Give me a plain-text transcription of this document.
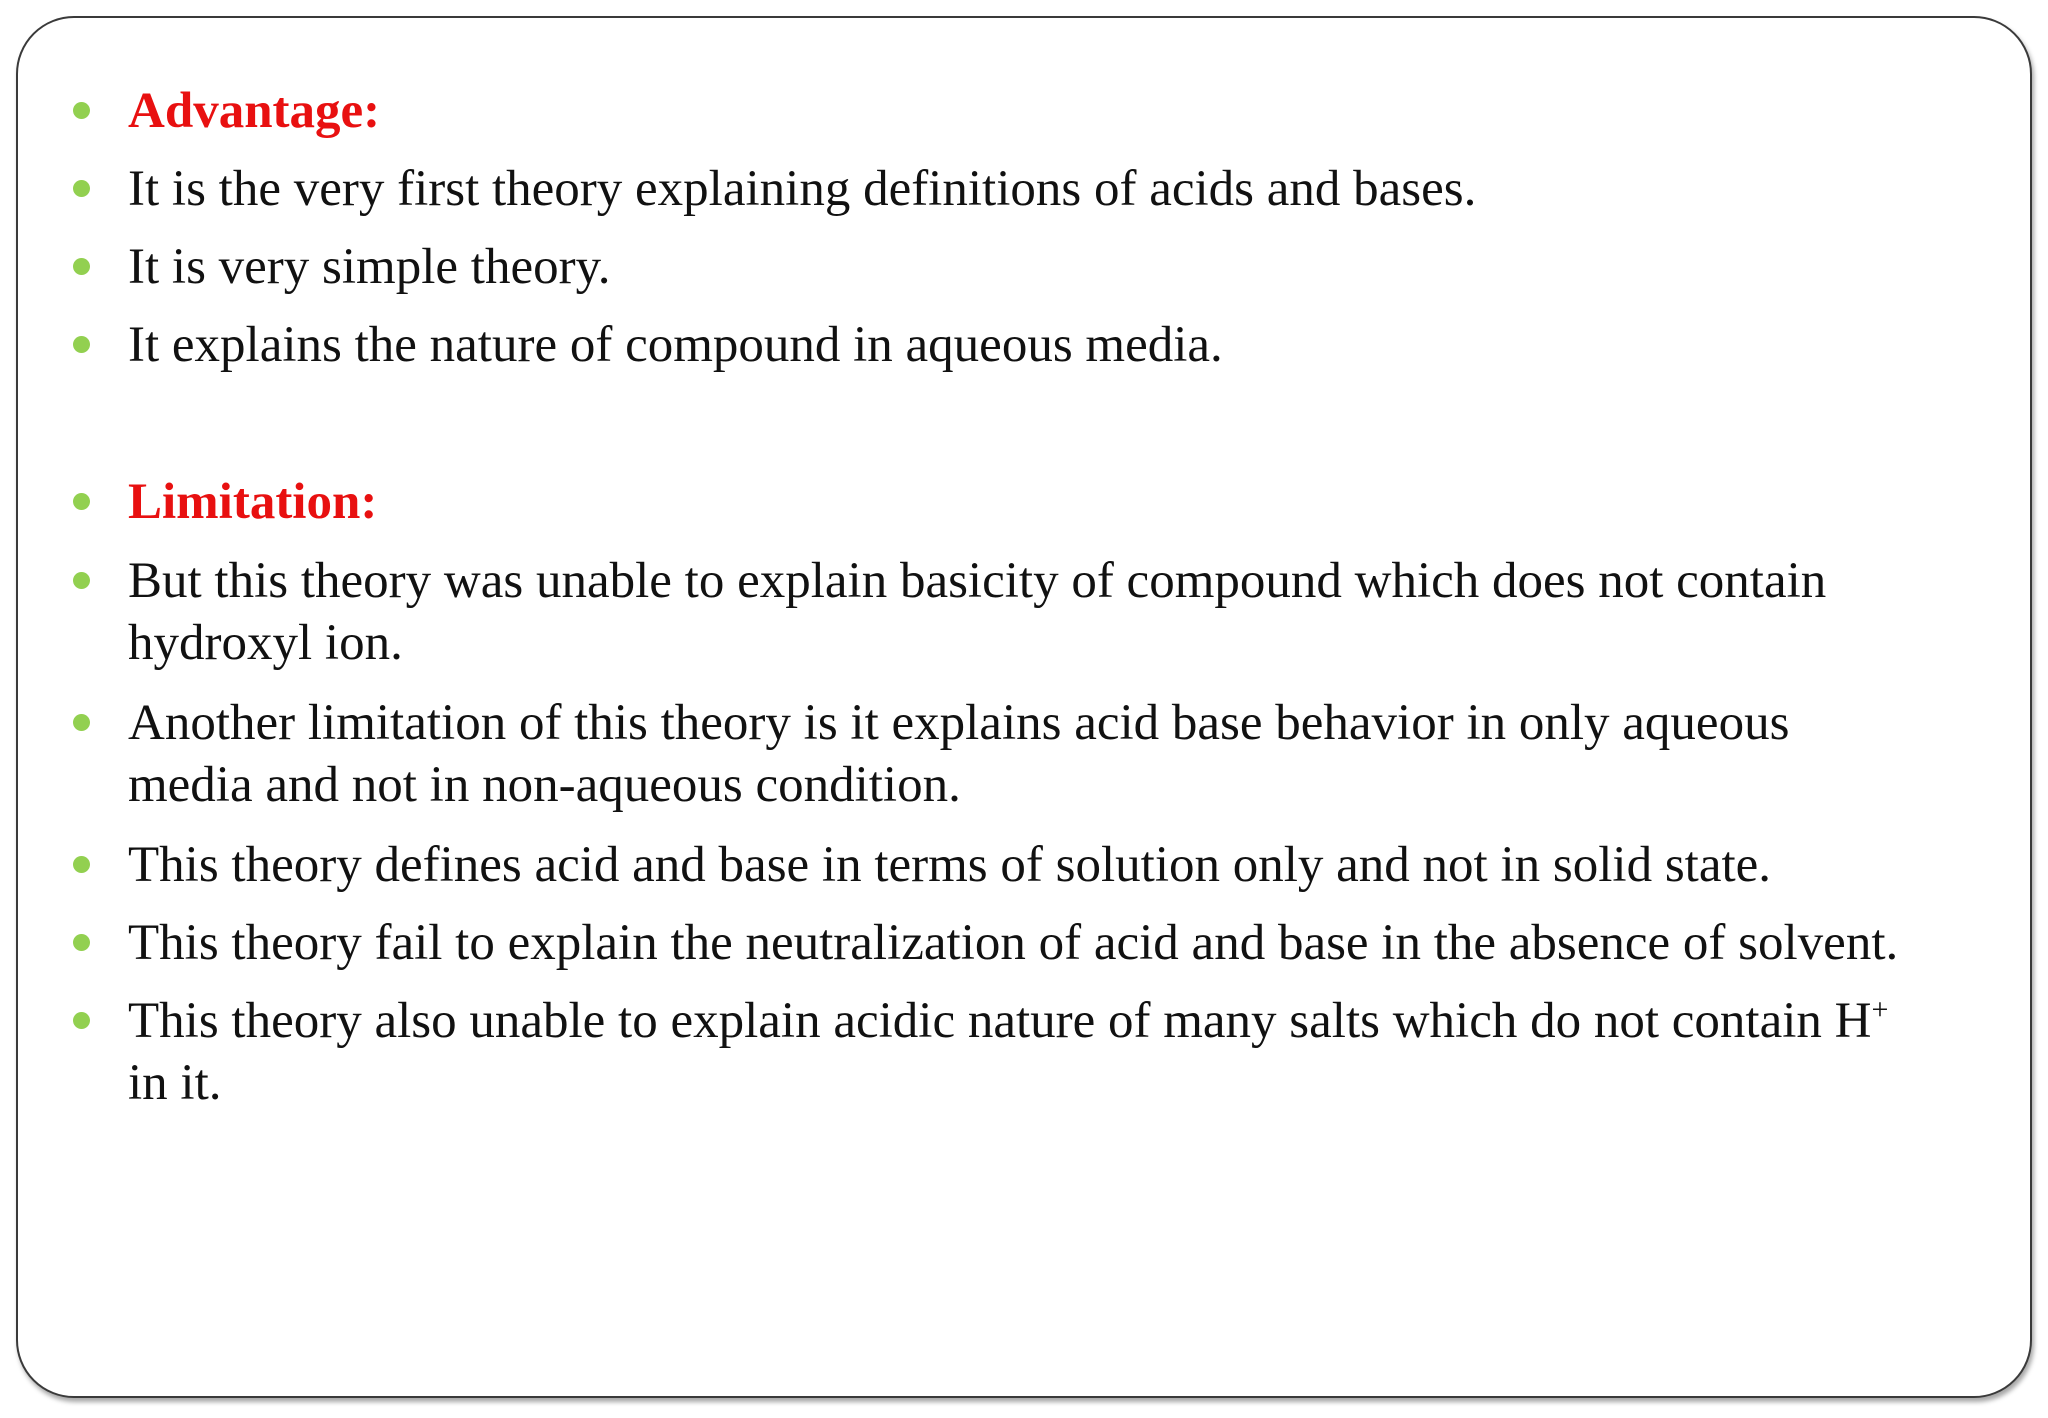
Advantage:
It is the very first theory explaining definitions of acids and bases.
It is very simple theory.
It explains the nature of compound in aqueous media.
Limitation:
But this theory was unable to explain basicity of compound which does not contain
hydroxyl ion.
Another limitation of this theory is it explains acid base behavior in only aqueous
media and not in non-aqueous condition.
This theory defines acid and base in terms of solution only and not in solid state.
This theory fail to explain the neutralization of acid and base in the absence of solvent.
This theory also unable to explain acidic nature of many salts which do not contain H+
in it.
